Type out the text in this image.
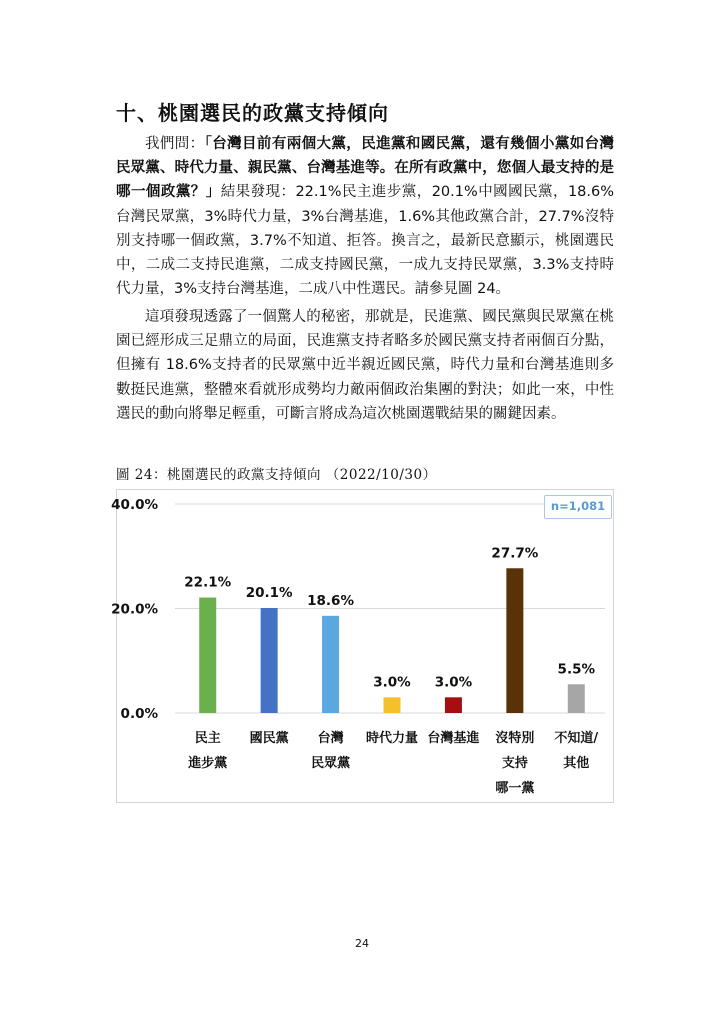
十、桃園選民的政黨支持傾向
我們問：「台灣目前有兩個大黨，民進黨和國民黨，還有幾個小黨如台灣民眾黨、時代力量、親民黨、台灣基進等。在所有政黨中，您個人最支持的是哪一個政黨？」結果發現：22.1%民主進步黨，20.1%中國國民黨，18.6%台灣民眾黨，3%時代力量，3%台灣基進，1.6%其他政黨合計，27.7%沒特別支持哪一個政黨，3.7%不知道、拒答。換言之，最新民意顯示，桃園選民中，二成二支持民進黨，二成支持國民黨，一成九支持民眾黨，3.3%支持時代力量，3%支持台灣基進，二成八中性選民。請參見圖 24。
這項發現透露了一個驚人的秘密，那就是，民進黨、國民黨與民眾黨在桃園已經形成三足鼎立的局面，民進黨支持者略多於國民黨支持者兩個百分點，但擁有 18.6%支持者的民眾黨中近半親近國民黨，時代力量和台灣基進則多數挺民進黨，整體來看就形成勢均力敵兩個政治集團的對決；如此一來，中性選民的動向將舉足輕重，可斷言將成為這次桃園選戰結果的關鍵因素。
圖 24：桃園選民的政黨支持傾向 （2022/10/30）
0.0%
20.0%
40.0%
22.1%
民主
進步黨
20.1%
國民黨
18.6%
台灣
民眾黨
3.0%
時代力量
3.0%
台灣基進
27.7%
沒特別
支持
哪一黨
5.5%
不知道/
其他
n=1,081
24
